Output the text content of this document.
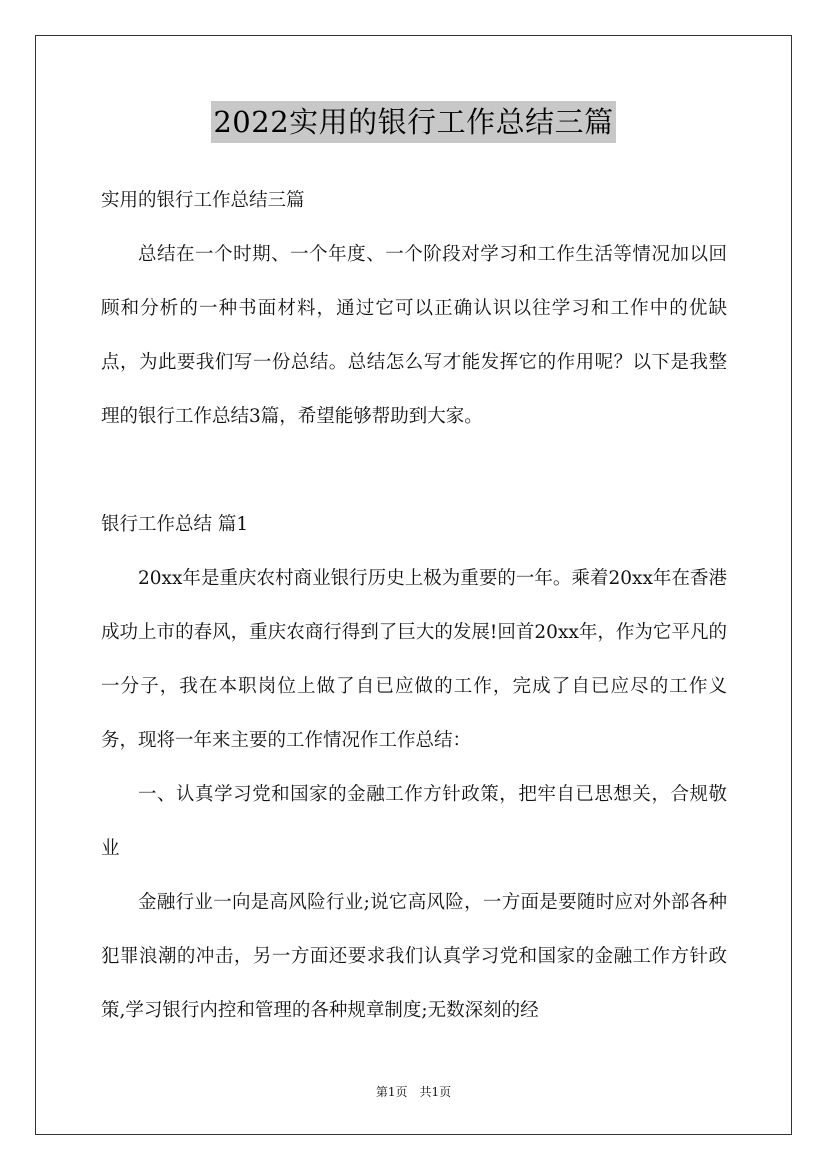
2022实用的银行工作总结三篇

实用的银行工作总结三篇

总结在一个时期、一个年度、一个阶段对学习和工作生活等情况加以回顾和分析的一种书面材料，通过它可以正确认识以往学习和工作中的优缺点，为此要我们写一份总结。总结怎么写才能发挥它的作用呢？以下是我整理的银行工作总结3篇，希望能够帮助到大家。

银行工作总结 篇1

20xx年是重庆农村商业银行历史上极为重要的一年。乘着20xx年在香港成功上市的春风，重庆农商行得到了巨大的发展!回首20xx年，作为它平凡的一分子，我在本职岗位上做了自已应做的工作，完成了自已应尽的工作义务，现将一年来主要的工作情况作工作总结：

一、认真学习党和国家的金融工作方针政策，把牢自已思想关，合规敬业

金融行业一向是高风险行业;说它高风险，一方面是要随时应对外部各种犯罪浪潮的冲击，另一方面还要求我们认真学习党和国家的金融工作方针政策,学习银行内控和管理的各种规章制度;无数深刻的经

第1页 共1页
